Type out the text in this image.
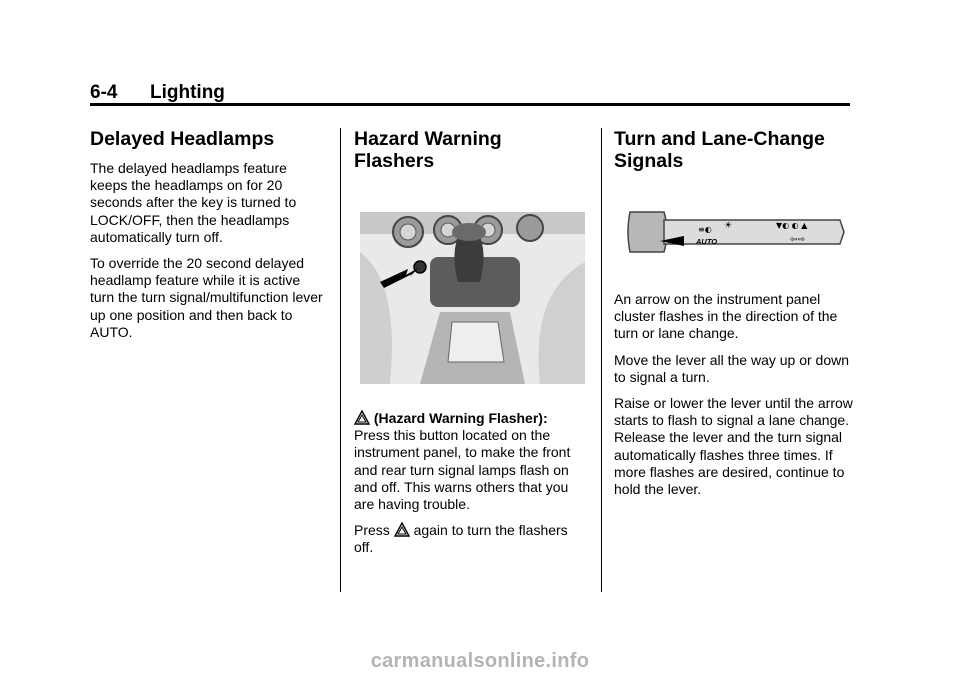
6-4 Lighting
Delayed Headlamps

The delayed headlamps feature keeps the headlamps on for 20 seconds after the key is turned to LOCK/OFF, then the headlamps automatically turn off.

To override the 20 second delayed headlamp feature while it is active turn the turn signal/multifunction lever up one position and then back to AUTO.

Hazard Warning Flashers

(Hazard Warning Flasher): Press this button located on the instrument panel, to make the front and rear turn signal lamps flash on and off. This warns others that you are having trouble.

Press again to turn the flashers off.

Turn and Lane-Change Signals
AUTO
≡◐ ☀	▼◐ ◐ ▲
⇦⇨

An arrow on the instrument panel cluster flashes in the direction of the turn or lane change.

Move the lever all the way up or down to signal a turn.

Raise or lower the lever until the arrow starts to flash to signal a lane change. Release the lever and the turn signal automatically flashes three times. If more flashes are desired, continue to hold the lever.

carmanualsonline.info
